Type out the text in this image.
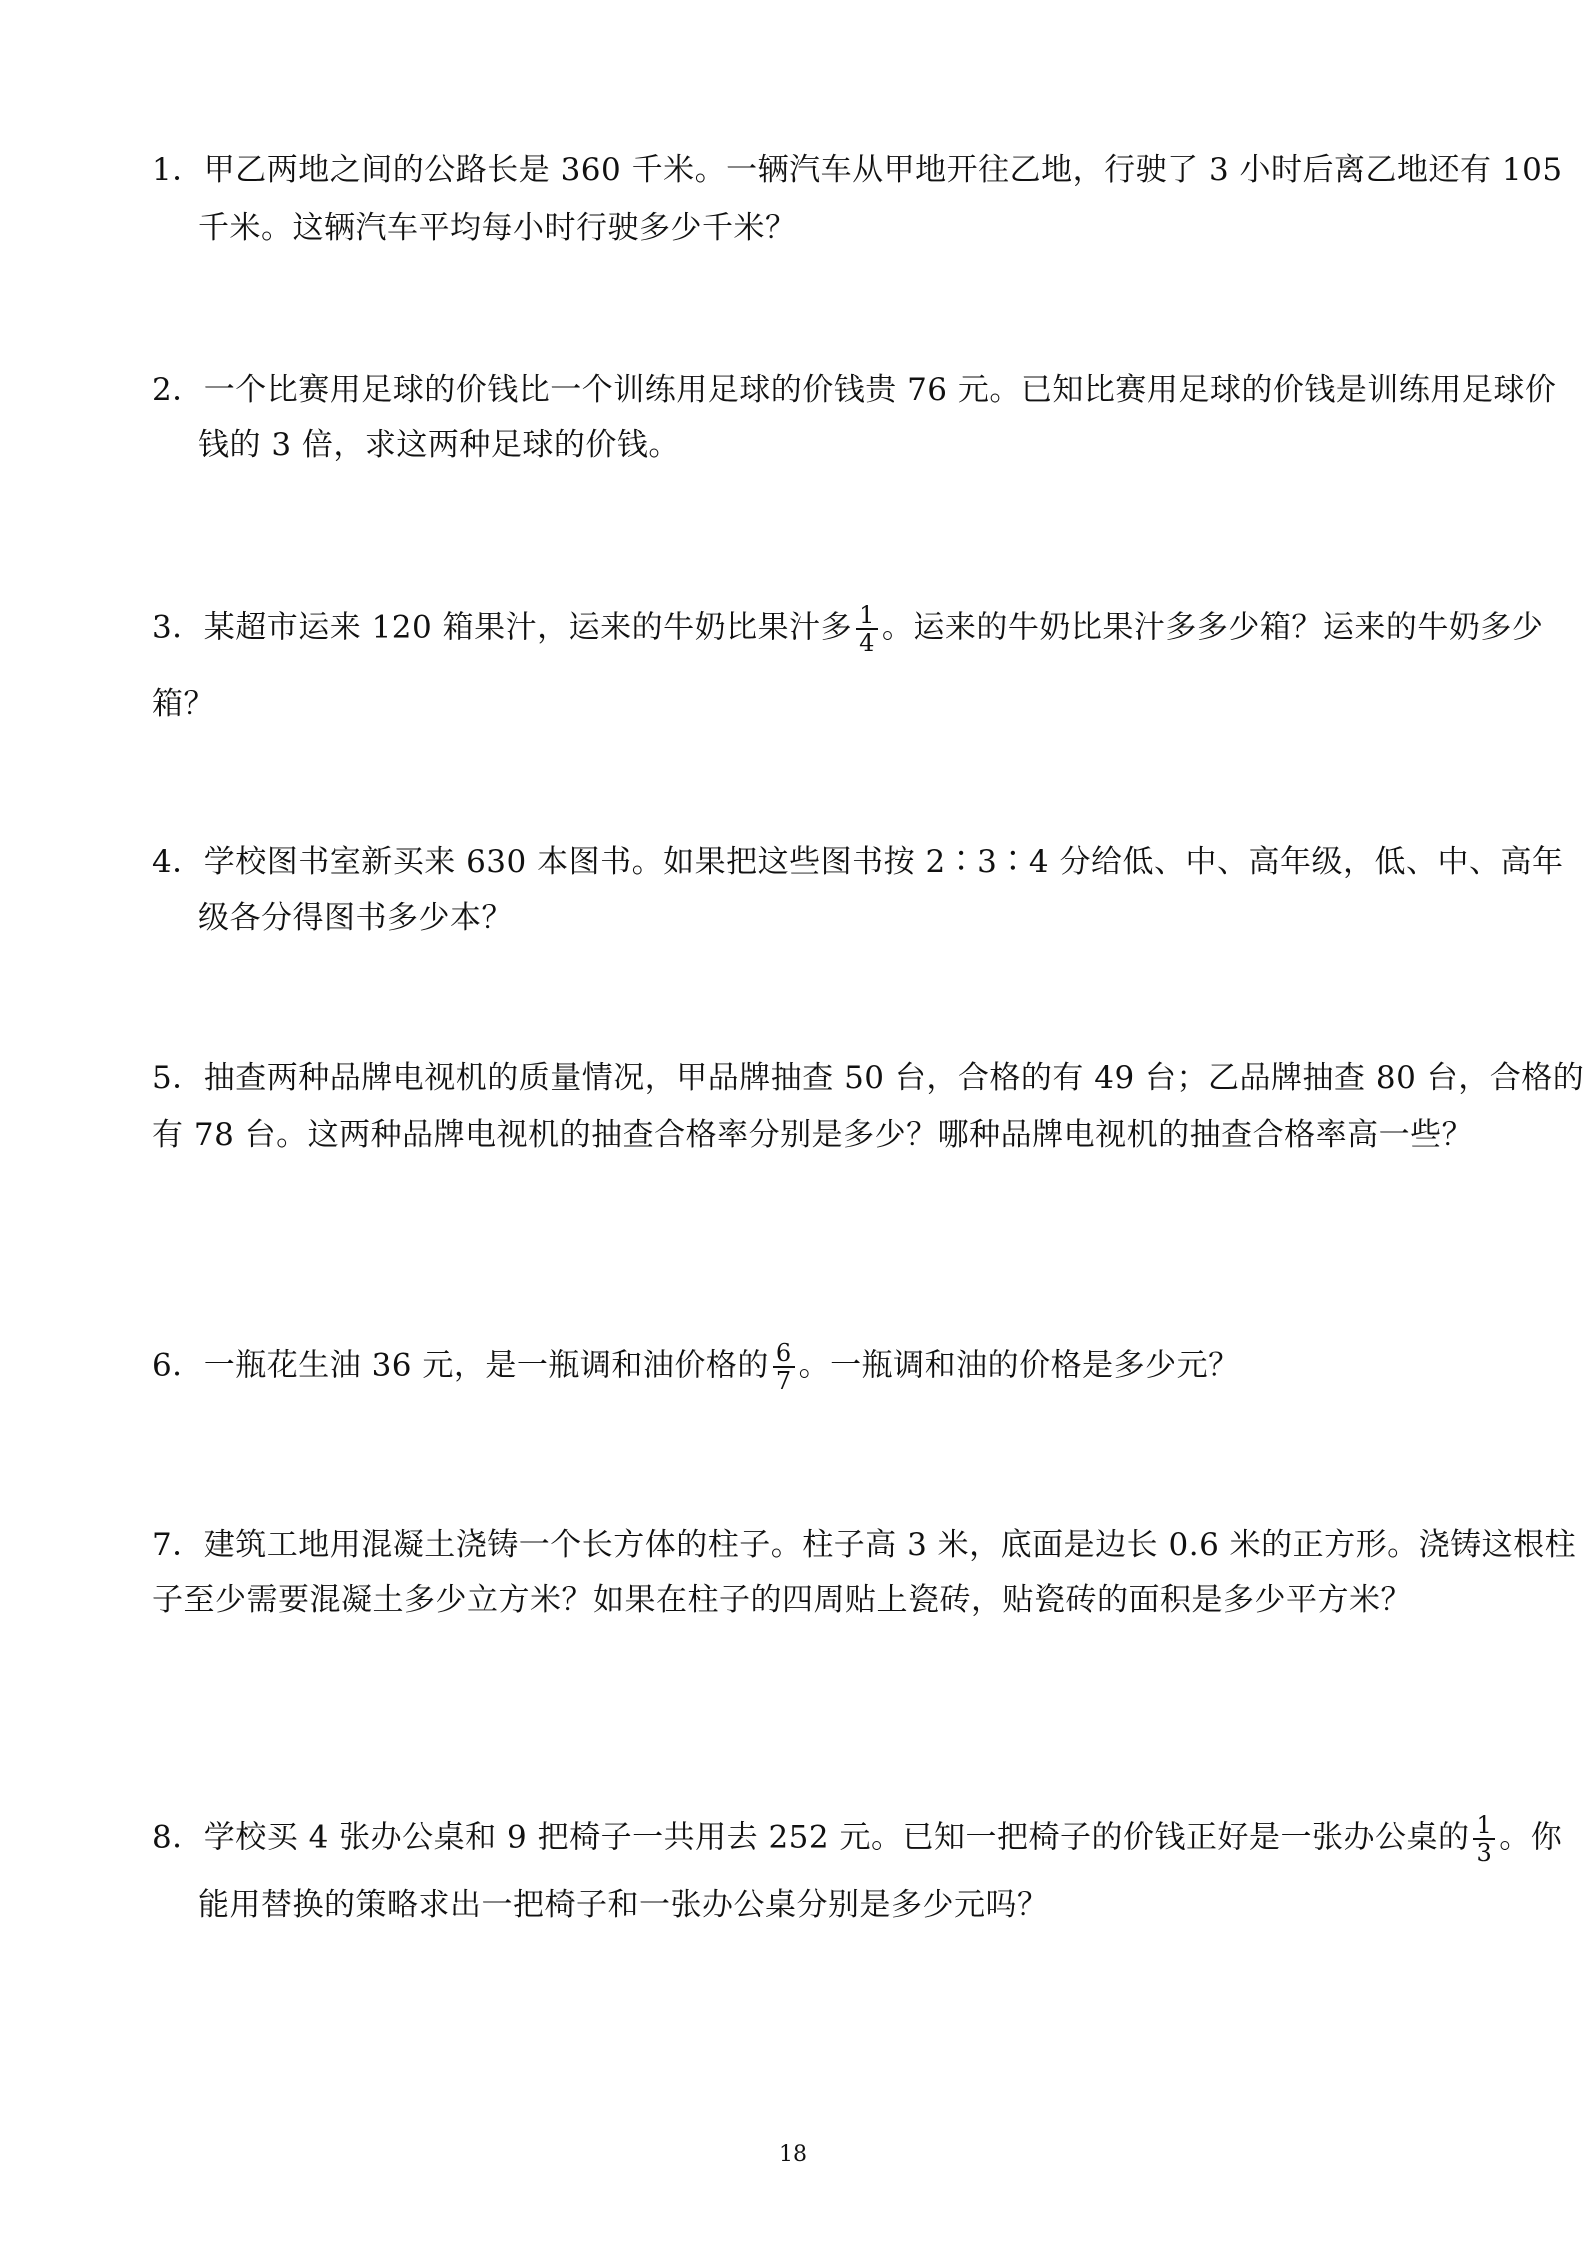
1．甲乙两地之间的公路长是 360 千米。一辆汽车从甲地开往乙地，行驶了 3 小时后离乙地还有 105
千米。这辆汽车平均每小时行驶多少千米？
2．一个比赛用足球的价钱比一个训练用足球的价钱贵 76 元。已知比赛用足球的价钱是训练用足球价
钱的 3 倍，求这两种足球的价钱。
3．某超市运来 120 箱果汁，运来的牛奶比果汁多 $\frac{1}{4}$ 。运来的牛奶比果汁多多少箱？运来的牛奶多少
箱？
4．学校图书室新买来 630 本图书。如果把这些图书按 2∶3∶4 分给低、中、高年级，低、中、高年
级各分得图书多少本？
5．抽查两种品牌电视机的质量情况，甲品牌抽查 50 台，合格的有 49 台；乙品牌抽查 80 台，合格的
有 78 台。这两种品牌电视机的抽查合格率分别是多少？哪种品牌电视机的抽查合格率高一些？
6．一瓶花生油 36 元，是一瓶调和油价格的 $\frac{6}{7}$ 。一瓶调和油的价格是多少元？
7．建筑工地用混凝土浇铸一个长方体的柱子。柱子高 3 米，底面是边长 0.6 米的正方形。浇铸这根柱
子至少需要混凝土多少立方米？如果在柱子的四周贴上瓷砖，贴瓷砖的面积是多少平方米？
8．学校买 4 张办公桌和 9 把椅子一共用去 252 元。已知一把椅子的价钱正好是一张办公桌的 $\frac{1}{3}$ 。你
能用替换的策略求出一把椅子和一张办公桌分别是多少元吗？
18
